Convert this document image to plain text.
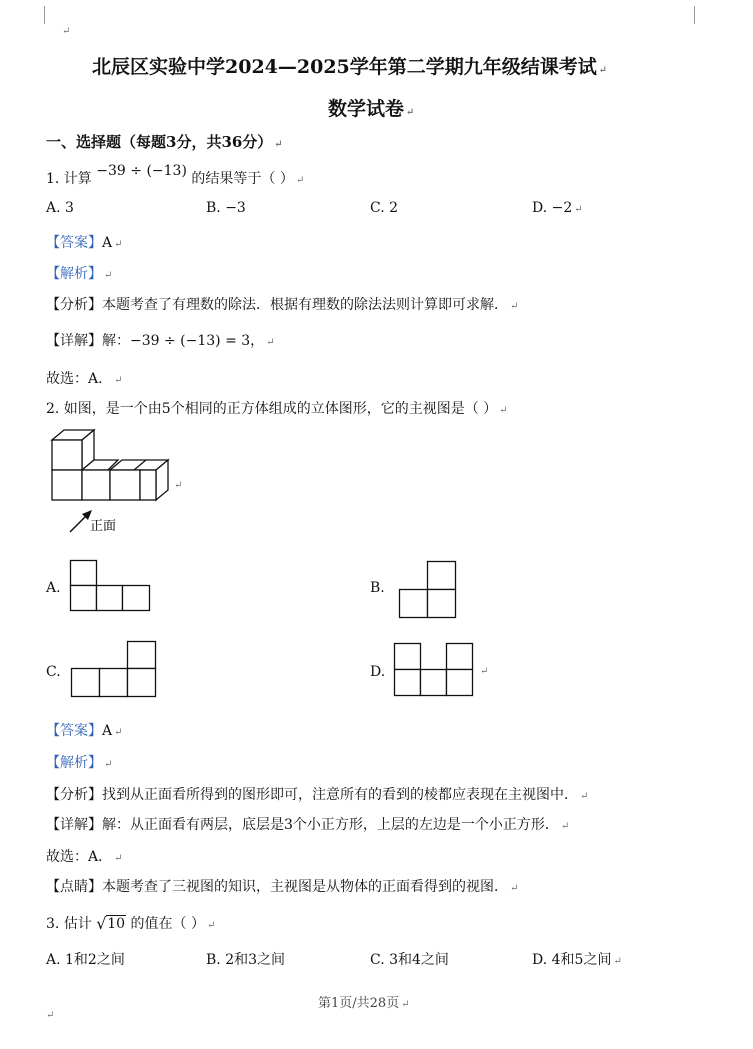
↵
北辰区实验中学2024—2025学年第二学期九年级结课考试 ↵
数学试卷 ↵
一、选择题（每题3分，共36分） ↵
1. 计算 −39 ÷ (−13) 的结果等于（ ） ↵
A. 3	B. −3	C. 2	D. −2 ↵
【答案】A ↵
【解析】 ↵
【分析】本题考查了有理数的除法．根据有理数的除法法则计算即可求解． ↵
【详解】解：−39 ÷ (−13) = 3， ↵
故选：A． ↵
2. 如图，是一个由5个相同的正方体组成的立体图形，它的主视图是（ ） ↵
正面
↵
A.	B.
C.	D.	↵
【答案】A ↵
【解析】 ↵
【分析】找到从正面看所得到的图形即可，注意所有的看到的棱都应表现在主视图中． ↵
【详解】解：从正面看有两层，底层是3个小正方形，上层的左边是一个小正方形． ↵
故选：A． ↵
【点睛】本题考查了三视图的知识，主视图是从物体的正面看得到的视图． ↵
3. 估计 √ 10 的值在（ ） ↵
A. 1和2之间	B. 2和3之间	C. 3和4之间	D. 4和5之间 ↵
第1页/共28页 ↵
↵
